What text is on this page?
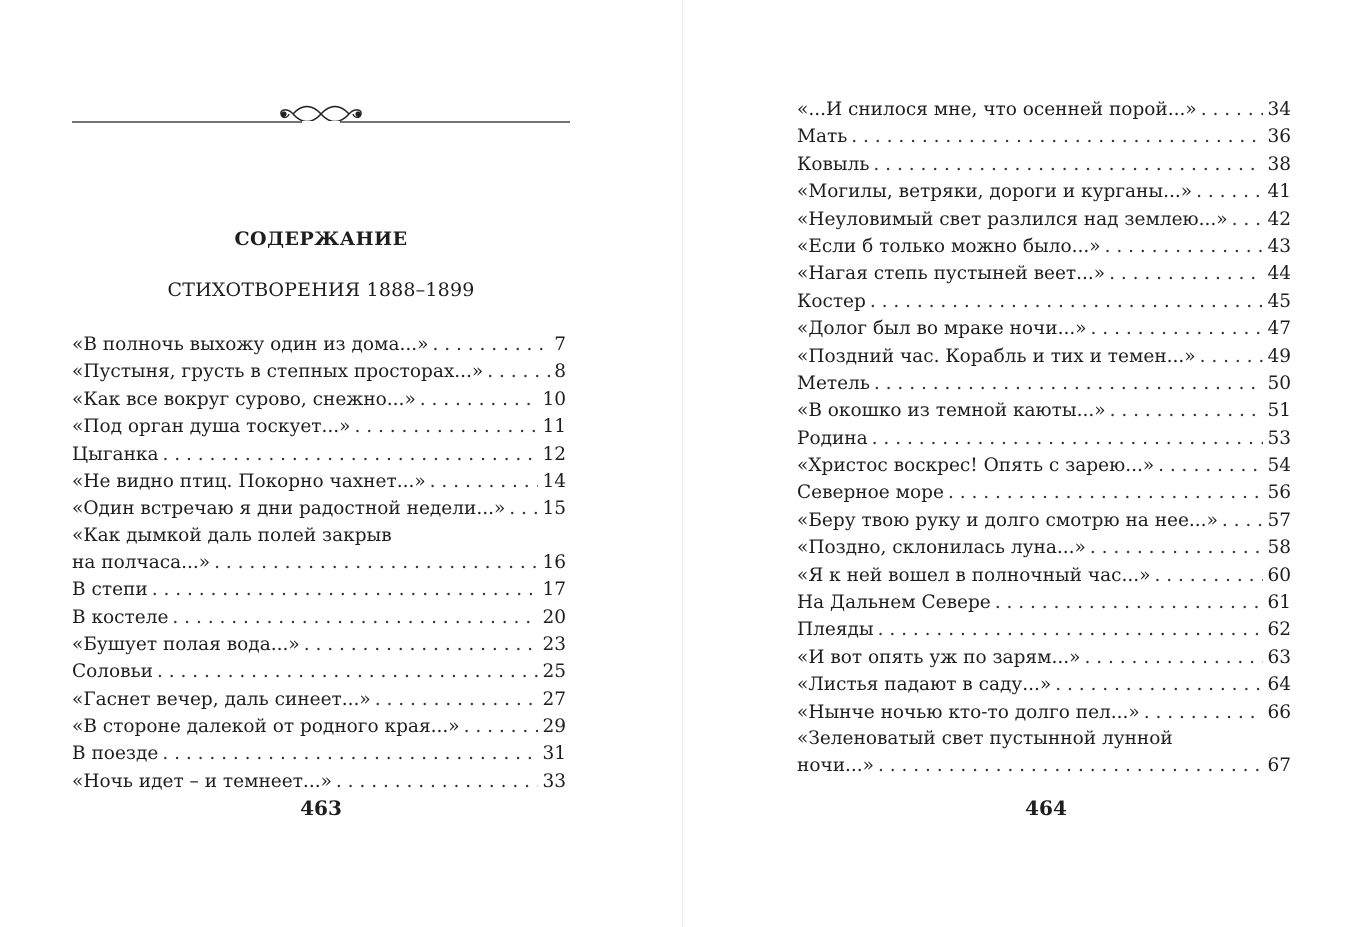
СОДЕРЖАНИЕ
СТИХОТВОРЕНИЯ 1888–1899
«В полночь выхожу один из дома...» . . .	7
«Пустыня, грусть в степных просторах...» . . .	8
«Как все вокруг сурово, снежно...» . . .	10
«Под орган душа тоскует...» . . .	11
Цыганка . . .	12
«Не видно птиц. Покорно чахнет...» . . .	14
«Один встречаю я дни радостной недели...» . . . 15
«Как дымкой даль полей закрыв
на полчаса...» . . .	16
В степи . . .	17
В костеле . . .	20
«Бушует полая вода...» . . .	23
Соловьи . . .	25
«Гаснет вечер, даль синеет...» . . .	27
«В стороне далекой от родного края...» . . .	29
В поезде . . .	31
«Ночь идет – и темнеет...» . . .	33
463
«...И снилося мне, что осенней порой...» . . .	34
Мать . . .	36
Ковыль . . .	38
«Могилы, ветряки, дороги и курганы...» . . .	41
«Неуловимый свет разлился над землею...» . . . 42
«Если б только можно было...» . . .	43
«Нагая степь пустыней веет...» . . .	44
Костер . . .	45
«Долог был во мраке ночи...» . . .	47
«Поздний час. Корабль и тих и темен...» . . .	49
Метель . . .	50
«В окошко из темной каюты...» . . .	51
Родина . . .	53
«Христос воскрес! Опять с зарею...» . . .	54
Северное море . . .	56
«Беру твою руку и долго смотрю на нее...» . . .	57
«Поздно, склонилась луна...» . . .	58
«Я к ней вошел в полночный час...» . . .	60
На Дальнем Севере . . .	61
Плеяды . . .	62
«И вот опять уж по зарям...» . . .	63
«Листья падают в саду...» . . .	64
«Нынче ночью кто-то долго пел...» . . .	66
«Зеленоватый свет пустынной лунной
ночи...» . . .	67
464
